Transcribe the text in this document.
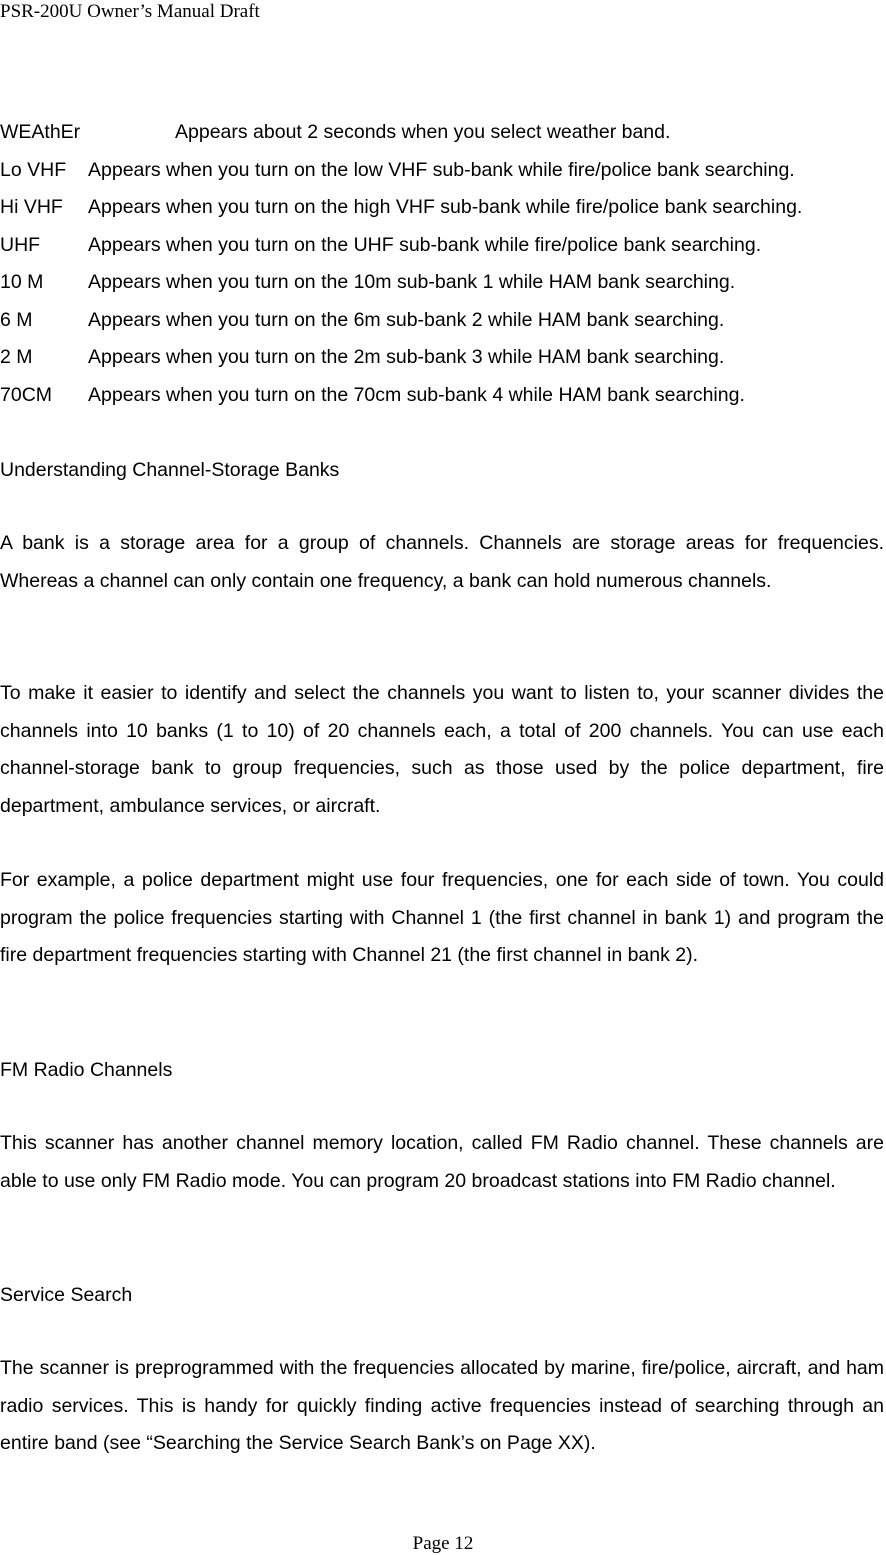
PSR-200U Owner’s Manual Draft
WEAthEr	Appears about 2 seconds when you select weather band.
Lo VHF Appears when you turn on the low VHF sub-bank while fire/police bank searching.
Hi VHF Appears when you turn on the high VHF sub-bank while fire/police bank searching.
UHF Appears when you turn on the UHF sub-bank while fire/police bank searching.
10 M Appears when you turn on the 10m sub-bank 1 while HAM bank searching.
6 M	Appears when you turn on the 6m sub-bank 2 while HAM bank searching.
2 M	Appears when you turn on the 2m sub-bank 3 while HAM bank searching.
70CM Appears when you turn on the 70cm sub-bank 4 while HAM bank searching.
Understanding Channel-Storage Banks

A bank is a storage area for a group of channels. Channels are storage areas for frequencies. Whereas a channel can only contain one frequency, a bank can hold numerous channels.

To make it easier to identify and select the channels you want to listen to, your scanner divides the channels into 10 banks (1 to 10) of 20 channels each, a total of 200 channels. You can use each channel-storage bank to group frequencies, such as those used by the police department, fire department, ambulance services, or aircraft.

For example, a police department might use four frequencies, one for each side of town. You could program the police frequencies starting with Channel 1 (the first channel in bank 1) and program the fire department frequencies starting with Channel 21 (the first channel in bank 2).

FM Radio Channels

This scanner has another channel memory location, called FM Radio channel. These channels are able to use only FM Radio mode. You can program 20 broadcast stations into FM Radio channel.

Service Search

The scanner is preprogrammed with the frequencies allocated by marine, fire/police, aircraft, and ham radio services. This is handy for quickly finding active frequencies instead of searching through an entire band (see “Searching the Service Search Bank’s on Page XX).

Page 12
